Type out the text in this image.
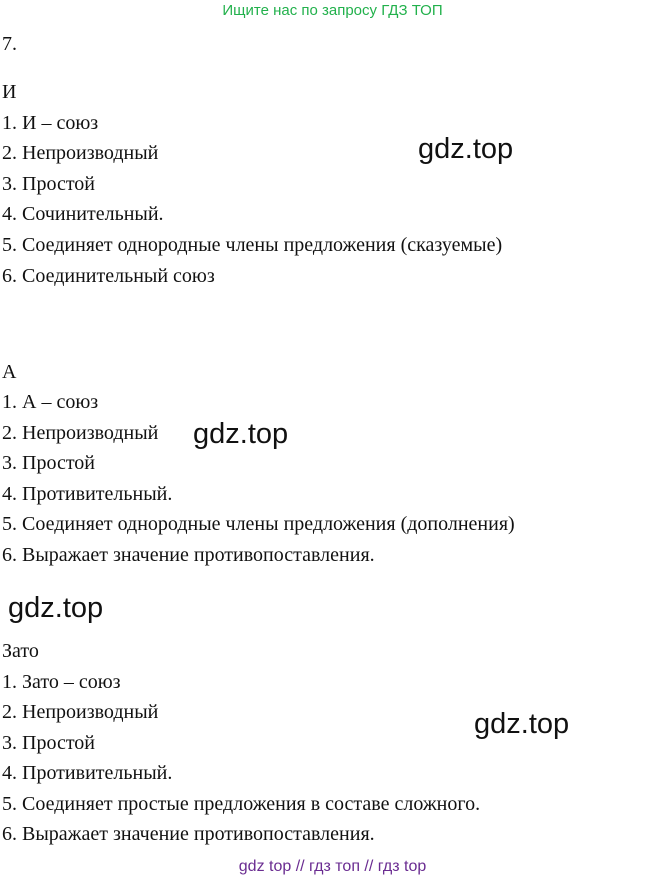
Ищите нас по запросу ГДЗ ТОП
7.
И
1. И – союз
2. Непроизводный
3. Простой
4. Сочинительный.
5. Соединяет однородные члены предложения (сказуемые)
6. Соединительный союз
А
1. А – союз
2. Непроизводный
3. Простой
4. Противительный.
5. Соединяет однородные члены предложения (дополнения)
6. Выражает значение противопоставления.
Зато
1. Зато – союз
2. Непроизводный
3. Простой
4. Противительный.
5. Соединяет простые предложения в составе сложного.
6. Выражает значение противопоставления.
gdz.top
gdz.top
gdz.top
gdz.top
gdz top // гдз топ // гдз top
